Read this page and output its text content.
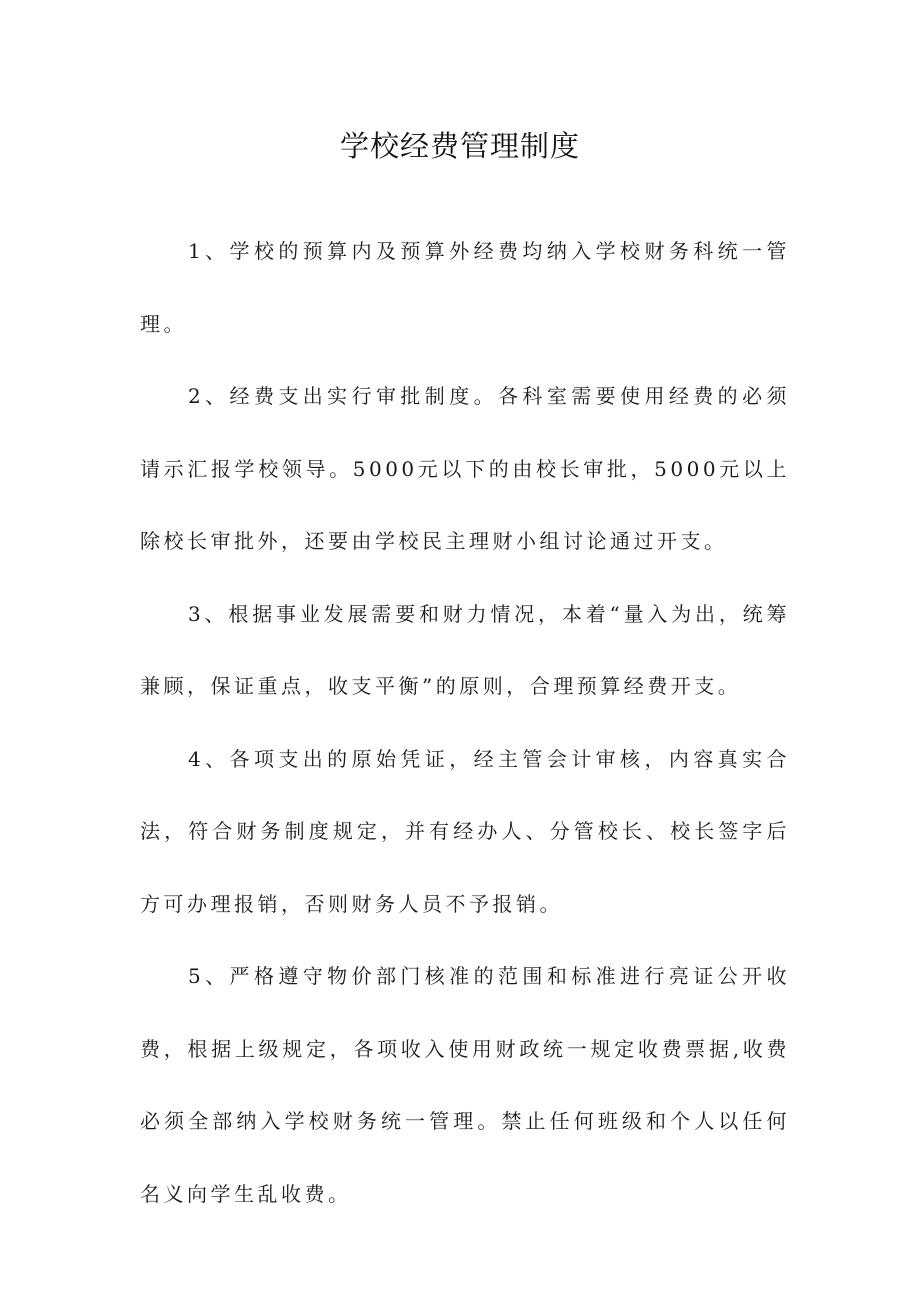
学校经费管理制度

1、学校的预算内及预算外经费均纳入学校财务科统一管理。

2、经费支出实行审批制度。各科室需要使用经费的必须请示汇报学校领导。5000元以下的由校长审批，5000元以上除校长审批外，还要由学校民主理财小组讨论通过开支。

3、根据事业发展需要和财力情况，本着“量入为出，统筹兼顾，保证重点，收支平衡”的原则，合理预算经费开支。

4、各项支出的原始凭证，经主管会计审核，内容真实合法，符合财务制度规定，并有经办人、分管校长、校长签字后方可办理报销，否则财务人员不予报销。

5、严格遵守物价部门核准的范围和标准进行亮证公开收费，根据上级规定，各项收入使用财政统一规定收费票据,收费必须全部纳入学校财务统一管理。禁止任何班级和个人以任何名义向学生乱收费。
